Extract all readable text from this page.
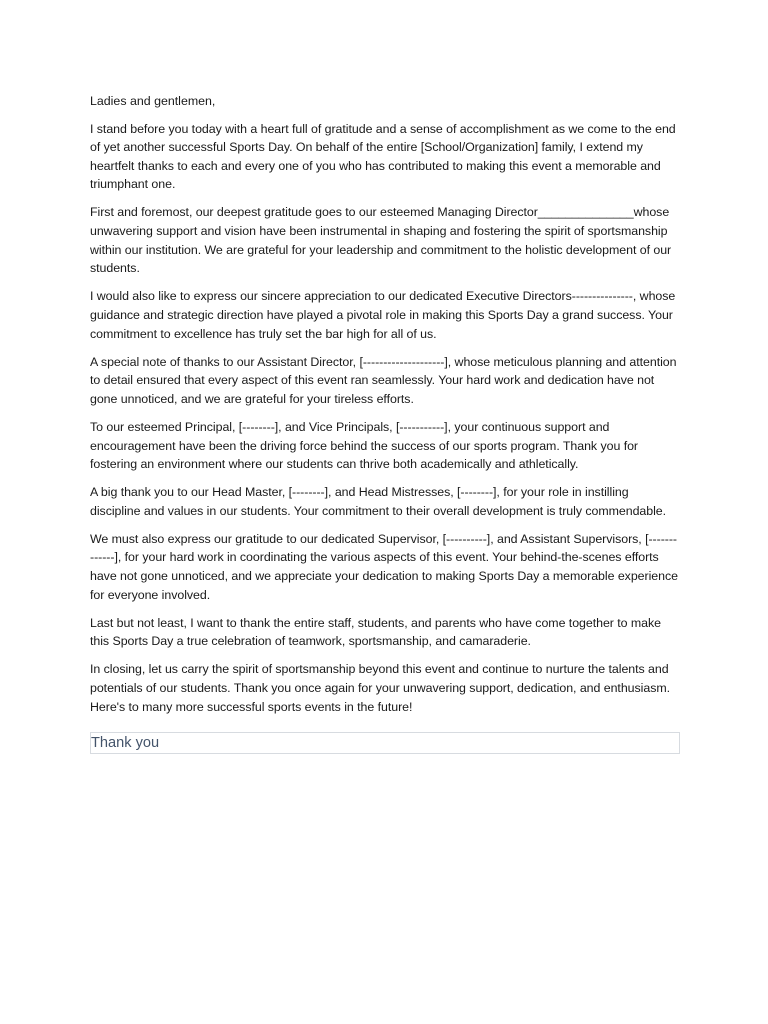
Ladies and gentlemen,

I stand before you today with a heart full of gratitude and a sense of accomplishment as we come to the end of yet another successful Sports Day. On behalf of the entire [School/Organization] family, I extend my heartfelt thanks to each and every one of you who has contributed to making this event a memorable and triumphant one.

First and foremost, our deepest gratitude goes to our esteemed Managing Director______________whose unwavering support and vision have been instrumental in shaping and fostering the spirit of sportsmanship within our institution. We are grateful for your leadership and commitment to the holistic development of our students.

I would also like to express our sincere appreciation to our dedicated Executive Directors---------------, whose guidance and strategic direction have played a pivotal role in making this Sports Day a grand success. Your commitment to excellence has truly set the bar high for all of us.

A special note of thanks to our Assistant Director, [--------------------], whose meticulous planning and attention to detail ensured that every aspect of this event ran seamlessly. Your hard work and dedication have not gone unnoticed, and we are grateful for your tireless efforts.

To our esteemed Principal, [--------], and Vice Principals, [-----------], your continuous support and encouragement have been the driving force behind the success of our sports program. Thank you for fostering an environment where our students can thrive both academically and athletically.

A big thank you to our Head Master, [--------], and Head Mistresses, [--------], for your role in instilling discipline and values in our students. Your commitment to their overall development is truly commendable.

We must also express our gratitude to our dedicated Supervisor, [----------], and Assistant Supervisors, [-------------], for your hard work in coordinating the various aspects of this event. Your behind-the-scenes efforts have not gone unnoticed, and we appreciate your dedication to making Sports Day a memorable experience for everyone involved.

Last but not least, I want to thank the entire staff, students, and parents who have come together to make this Sports Day a true celebration of teamwork, sportsmanship, and camaraderie.

In closing, let us carry the spirit of sportsmanship beyond this event and continue to nurture the talents and potentials of our students. Thank you once again for your unwavering support, dedication, and enthusiasm. Here's to many more successful sports events in the future!

Thank you
